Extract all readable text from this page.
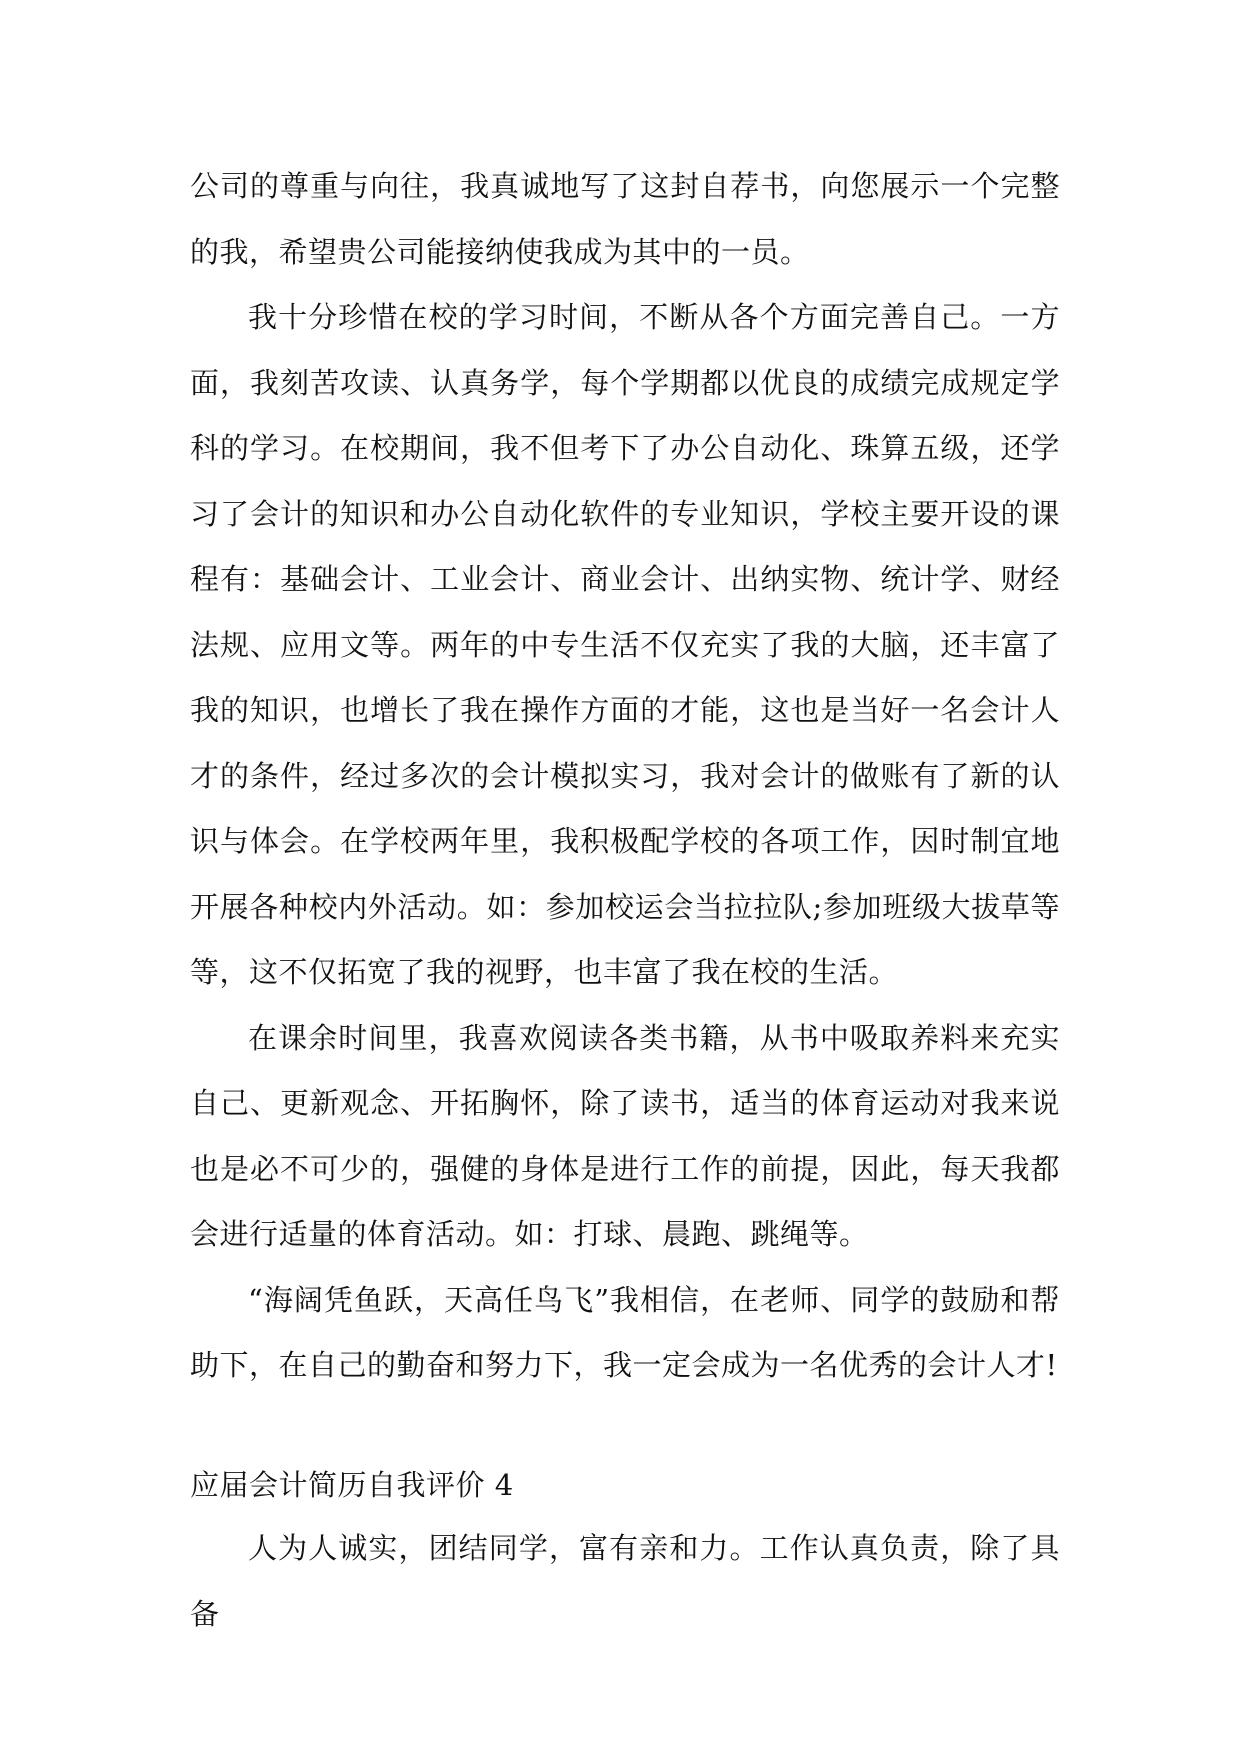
公司的尊重与向往，我真诚地写了这封自荐书，向您展示一个完整的我，希望贵公司能接纳使我成为其中的一员。

我十分珍惜在校的学习时间，不断从各个方面完善自己。一方面，我刻苦攻读、认真务学，每个学期都以优良的成绩完成规定学科的学习。在校期间，我不但考下了办公自动化、珠算五级，还学习了会计的知识和办公自动化软件的专业知识，学校主要开设的课程有：基础会计、工业会计、商业会计、出纳实物、统计学、财经法规、应用文等。两年的中专生活不仅充实了我的大脑，还丰富了我的知识，也增长了我在操作方面的才能，这也是当好一名会计人才的条件，经过多次的会计模拟实习，我对会计的做账有了新的认识与体会。在学校两年里，我积极配学校的各项工作，因时制宜地开展各种校内外活动。如：参加校运会当拉拉队;参加班级大拔草等等，这不仅拓宽了我的视野，也丰富了我在校的生活。

在课余时间里，我喜欢阅读各类书籍，从书中吸取养料来充实自己、更新观念、开拓胸怀，除了读书，适当的体育运动对我来说也是必不可少的，强健的身体是进行工作的前提，因此，每天我都会进行适量的体育活动。如：打球、晨跑、跳绳等。

“海阔凭鱼跃，天高任鸟飞”我相信，在老师、同学的鼓励和帮助下，在自己的勤奋和努力下，我一定会成为一名优秀的会计人才!

应届会计简历自我评价 4

人为人诚实，团结同学，富有亲和力。工作认真负责，除了具备
